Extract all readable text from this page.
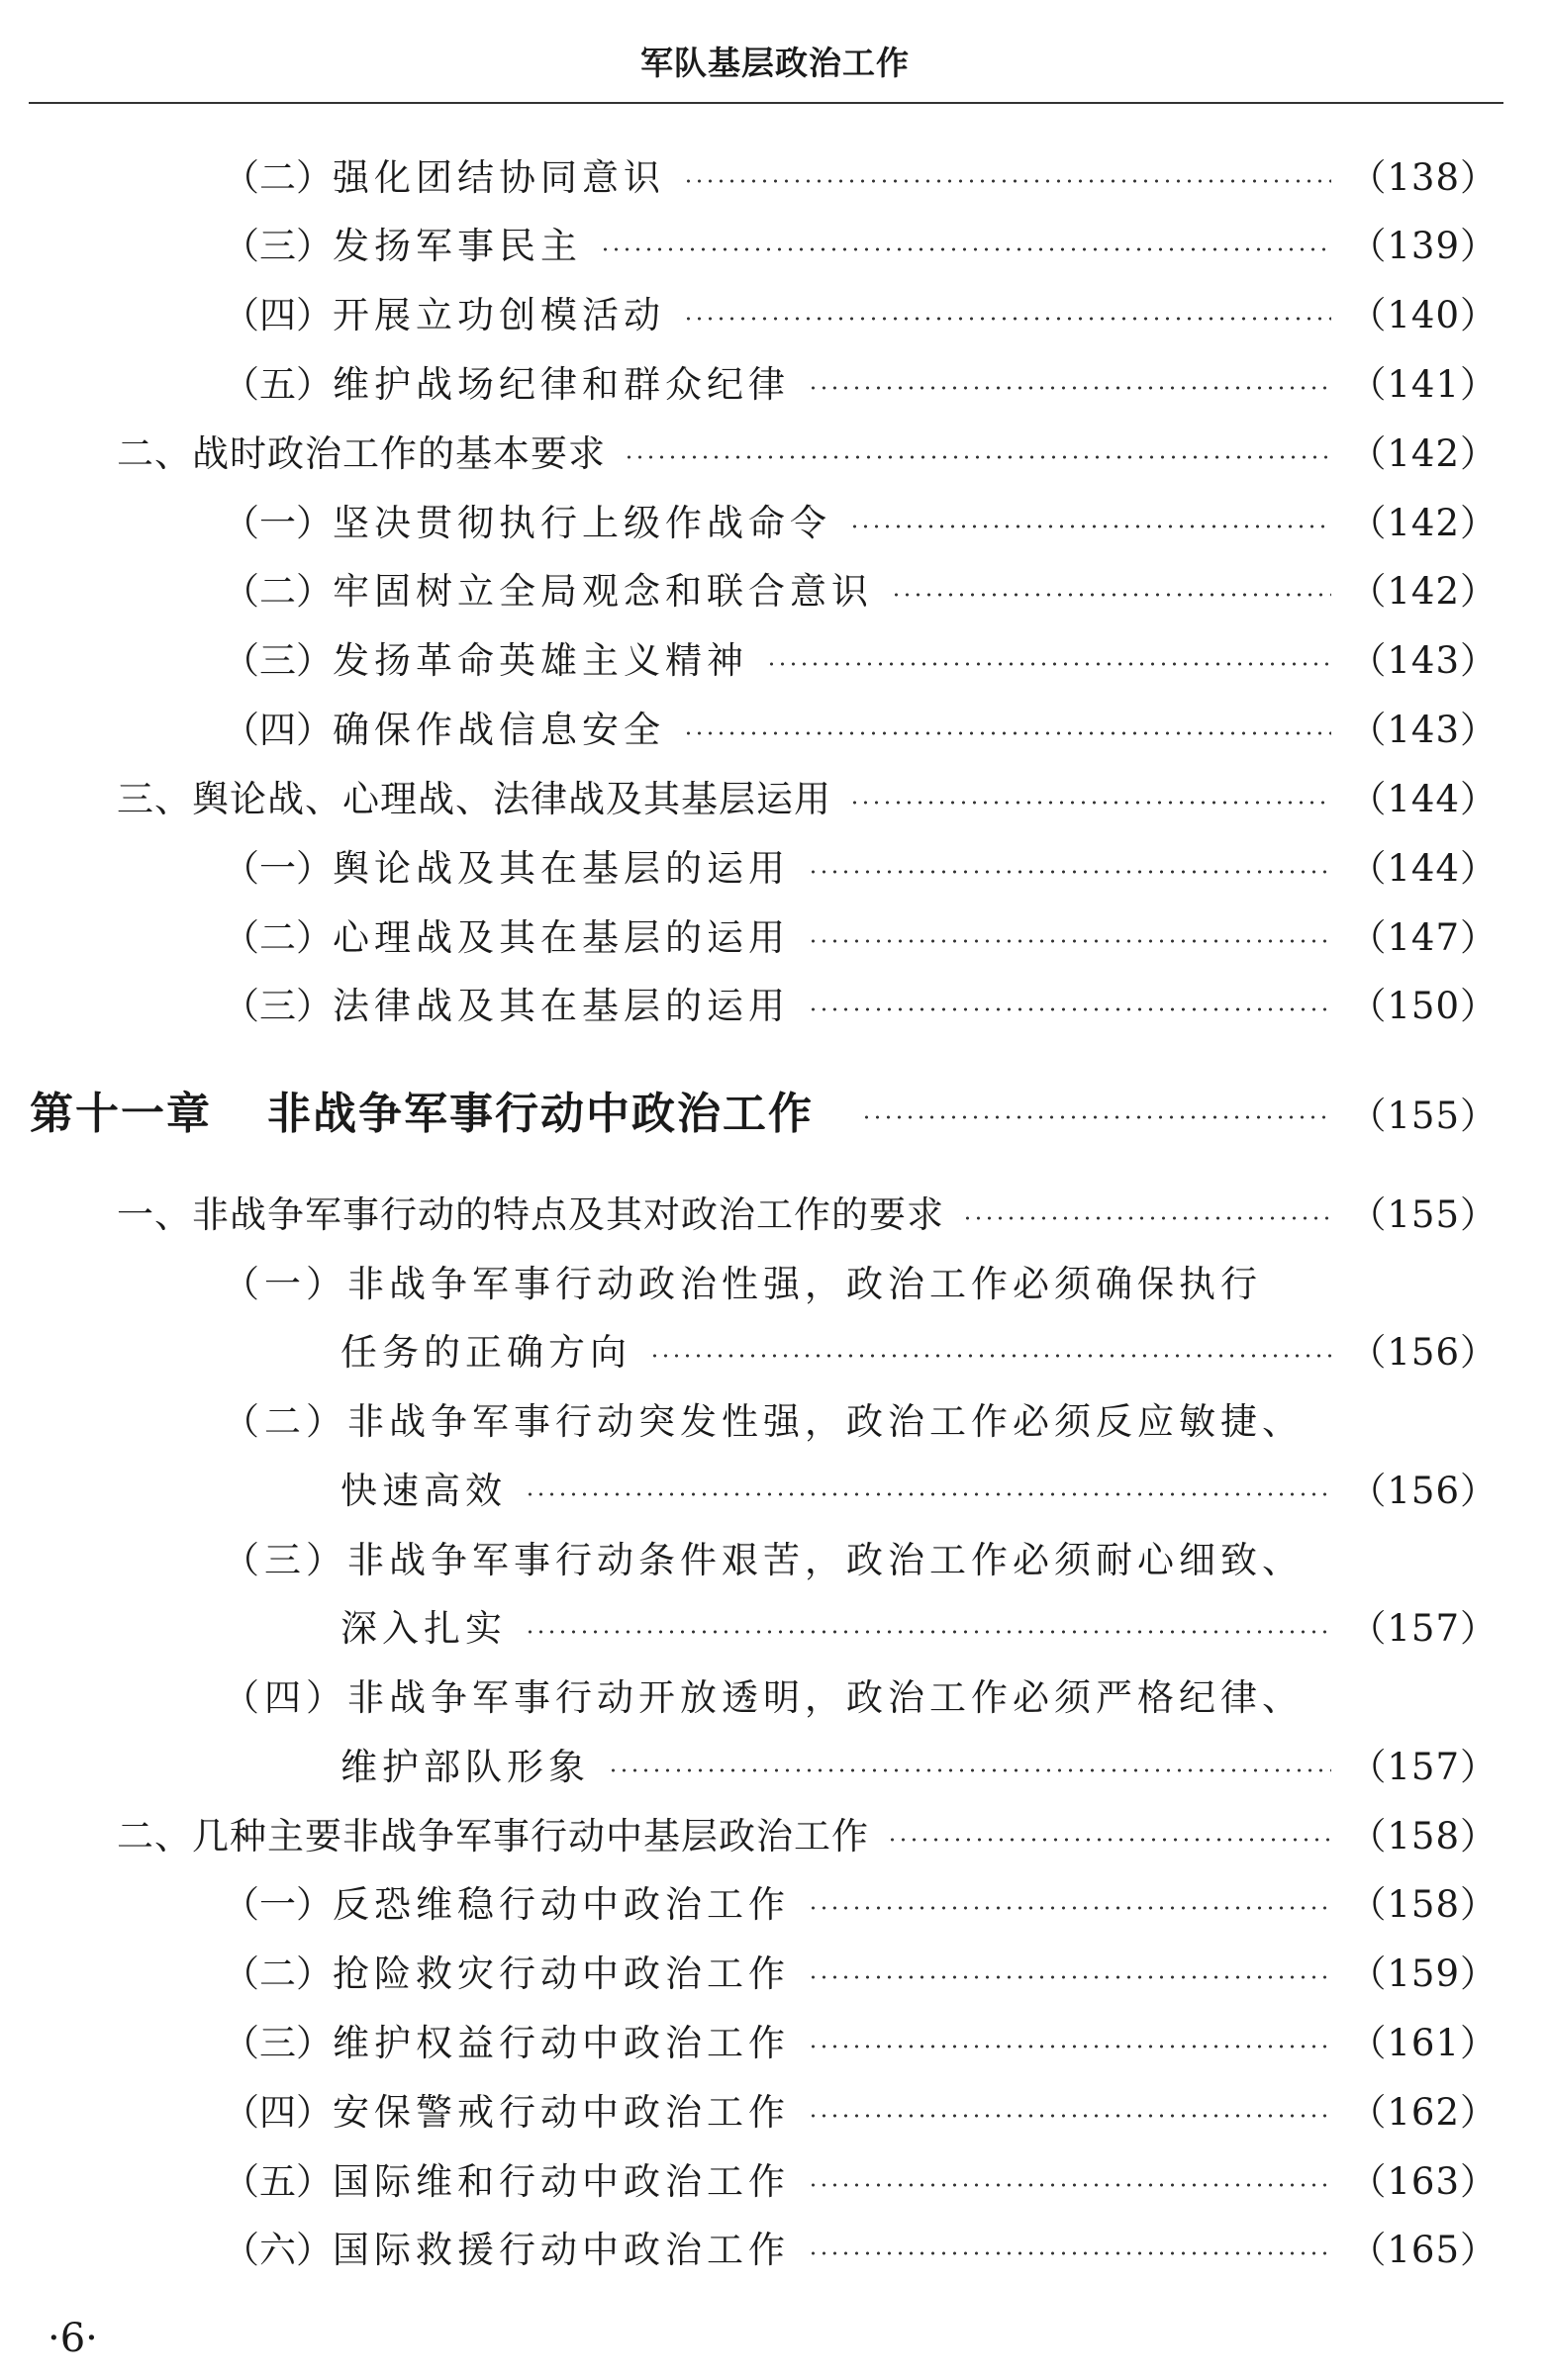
军队基层政治工作
（二） 强化团结协同意识	（138）
（三） 发扬军事民主	（139）
（四） 开展立功创模活动	（140）
（五） 维护战场纪律和群众纪律	（141）
二、战时政治工作的基本要求	（142）
（一） 坚决贯彻执行上级作战命令	（142）
（二） 牢固树立全局观念和联合意识	（142）
（三） 发扬革命英雄主义精神	（143）
（四） 确保作战信息安全	（143）
三、舆论战、心理战、法律战及其基层运用	（144）
（一） 舆论战及其在基层的运用	（144）
（二） 心理战及其在基层的运用	（147）
（三） 法律战及其在基层的运用	（150）
第十一章 非战争军事行动中政治工作	（155）
一、非战争军事行动的特点及其对政治工作的要求	（155）
（一）非战争军事行动政治性强，政治工作必须确保执行
任务的正确方向	（156）
（二）非战争军事行动突发性强，政治工作必须反应敏捷、
快速高效	（156）
（三）非战争军事行动条件艰苦，政治工作必须耐心细致、
深入扎实	（157）
（四）非战争军事行动开放透明，政治工作必须严格纪律、
维护部队形象	（157）
二、几种主要非战争军事行动中基层政治工作	（158）
（一） 反恐维稳行动中政治工作	（158）
（二） 抢险救灾行动中政治工作	（159）
（三） 维护权益行动中政治工作	（161）
（四） 安保警戒行动中政治工作	（162）
（五） 国际维和行动中政治工作	（163）
（六） 国际救援行动中政治工作	（165）
·6·
